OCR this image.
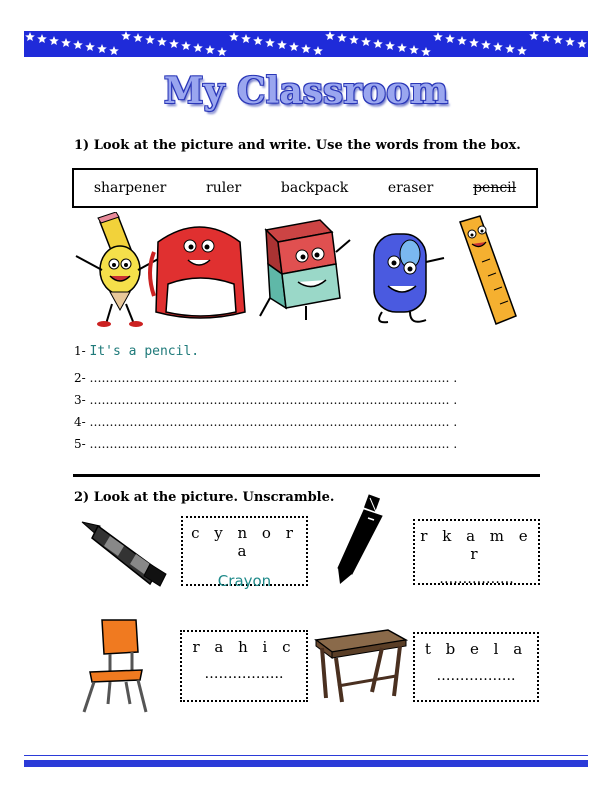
My Classroom
1) Look at the picture and write. Use the words from the box.
sharpener	ruler	backpack	eraser	pencil
1- It's a pencil.
2- ……………………………………………………………………………… .
3- ……………………………………………………………………………… .
4- ……………………………………………………………………………… .
5- ……………………………………………………………………………… .
2) Look at the picture. Unscramble.
c y n o r a
Crayon
r k a m e r
…………….
r a h i c
……………..
t b e l a
……………..
